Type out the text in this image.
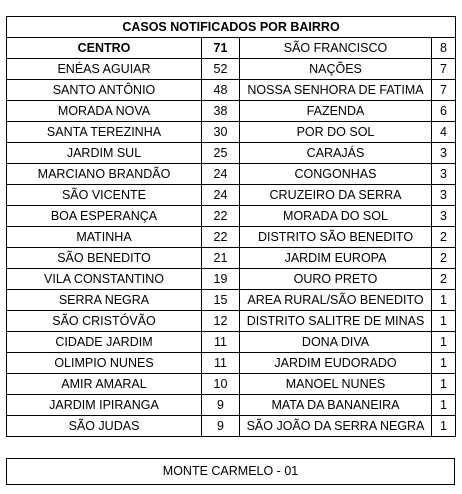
CASOS NOTIFICADOS POR BAIRRO			
CENTRO	71	SÃO FRANCISCO	8
ENÉAS AGUIAR	52	NAÇÕES	7
SANTO ANTÔNIO	48	NOSSA SENHORA DE FATIMA	7
MORADA NOVA	38	FAZENDA	6
SANTA TEREZINHA	30	POR DO SOL	4
JARDIM SUL	25	CARAJÁS	3
MARCIANO BRANDÃO	24	CONGONHAS	3
SÃO VICENTE	24	CRUZEIRO DA SERRA	3
BOA ESPERANÇA	22	MORADA DO SOL	3
MATINHA	22	DISTRITO SÃO BENEDITO	2
SÃO BENEDITO	21	JARDIM EUROPA	2
VILA CONSTANTINO	19	OURO PRETO	2
SERRA NEGRA	15	AREA RURAL/SÃO BENEDITO	1
SÃO CRISTÓVÃO	12	DISTRITO SALITRE DE MINAS	1
CIDADE JARDIM	11	DONA DIVA	1
OLIMPIO NUNES	11	JARDIM EUDORADO	1
AMIR AMARAL	10	MANOEL NUNES	1
JARDIM IPIRANGA	9	MATA DA BANANEIRA	1
SÃO JUDAS	9	SÃO JOÃO DA SERRA NEGRA	1
MONTE CARMELO - 01
